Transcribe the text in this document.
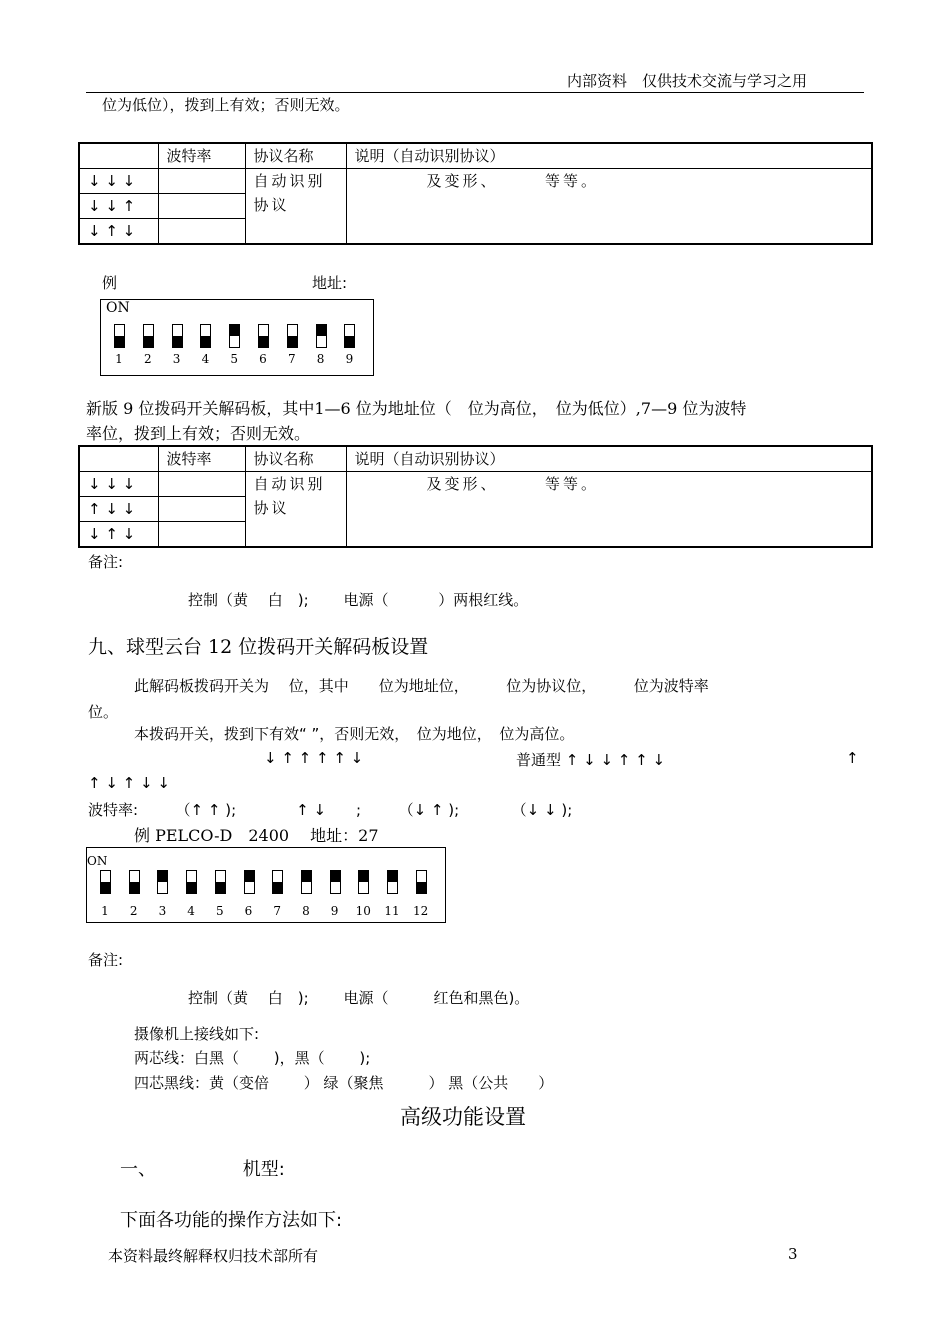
内部资料　仅供技术交流与学习之用
位为低位），拨到上有效；否则无效。
	波特率	协议名称	说明（自动识别协议）
↓ ↓ ↓		自动识别
协议	及变形、　　　等等。
↓ ↓ ↑			
↓ ↑ ↓			
例	地址:
ON
1	2	3	4	5	6	7	8	9
新版 9 位拨码开关解码板，其中1—6 位为地址位（　位为高位，　位为低位）,7—9 位为波特
率位，拨到上有效；否则无效。
	波特率	协议名称	说明（自动识别协议）
↓ ↓ ↓		自动识别
协议	及变形、　　　等等。
↑ ↓ ↓			
↓ ↑ ↓			
备注:
控制（黄　 白　);　　 电源（　　　 ）两根红线。
九、球型云台 12 位拨码开关解码板设置
此解码板拨码开关为　 位，其中　　位为地址位，　　　位为协议位，　　　位为波特率
位。
本拨码开关，拨到下有效“ ”，否则无效，　位为地位，　位为高位。
↓ ↑ ↑ ↑ ↑ ↓	普通型 ↑ ↓ ↓ ↑ ↑ ↓	↑
↑ ↓ ↑ ↓ ↓
波特率:　　　（↑ ↑ );　　　　↑ ↓　　;　　　（↓ ↑ );　　　　（↓ ↓ );
例 PELCO-D　2400　 地址：27
ON
1	2	3	4	5	6	7	8	9	10 11 12
备注:
控制（黄　 白　);　　 电源（　　　红色和黑色)。
摄像机上接线如下:
两芯线：白黑（　　 )，黑（　　 );
四芯黑线：黄（变倍　　 ） 绿（聚焦　　　） 黑（公共　　）
高级功能设置
一、　　　　　 机型:
下面各功能的操作方法如下:
本资料最终解释权归技术部所有	3
